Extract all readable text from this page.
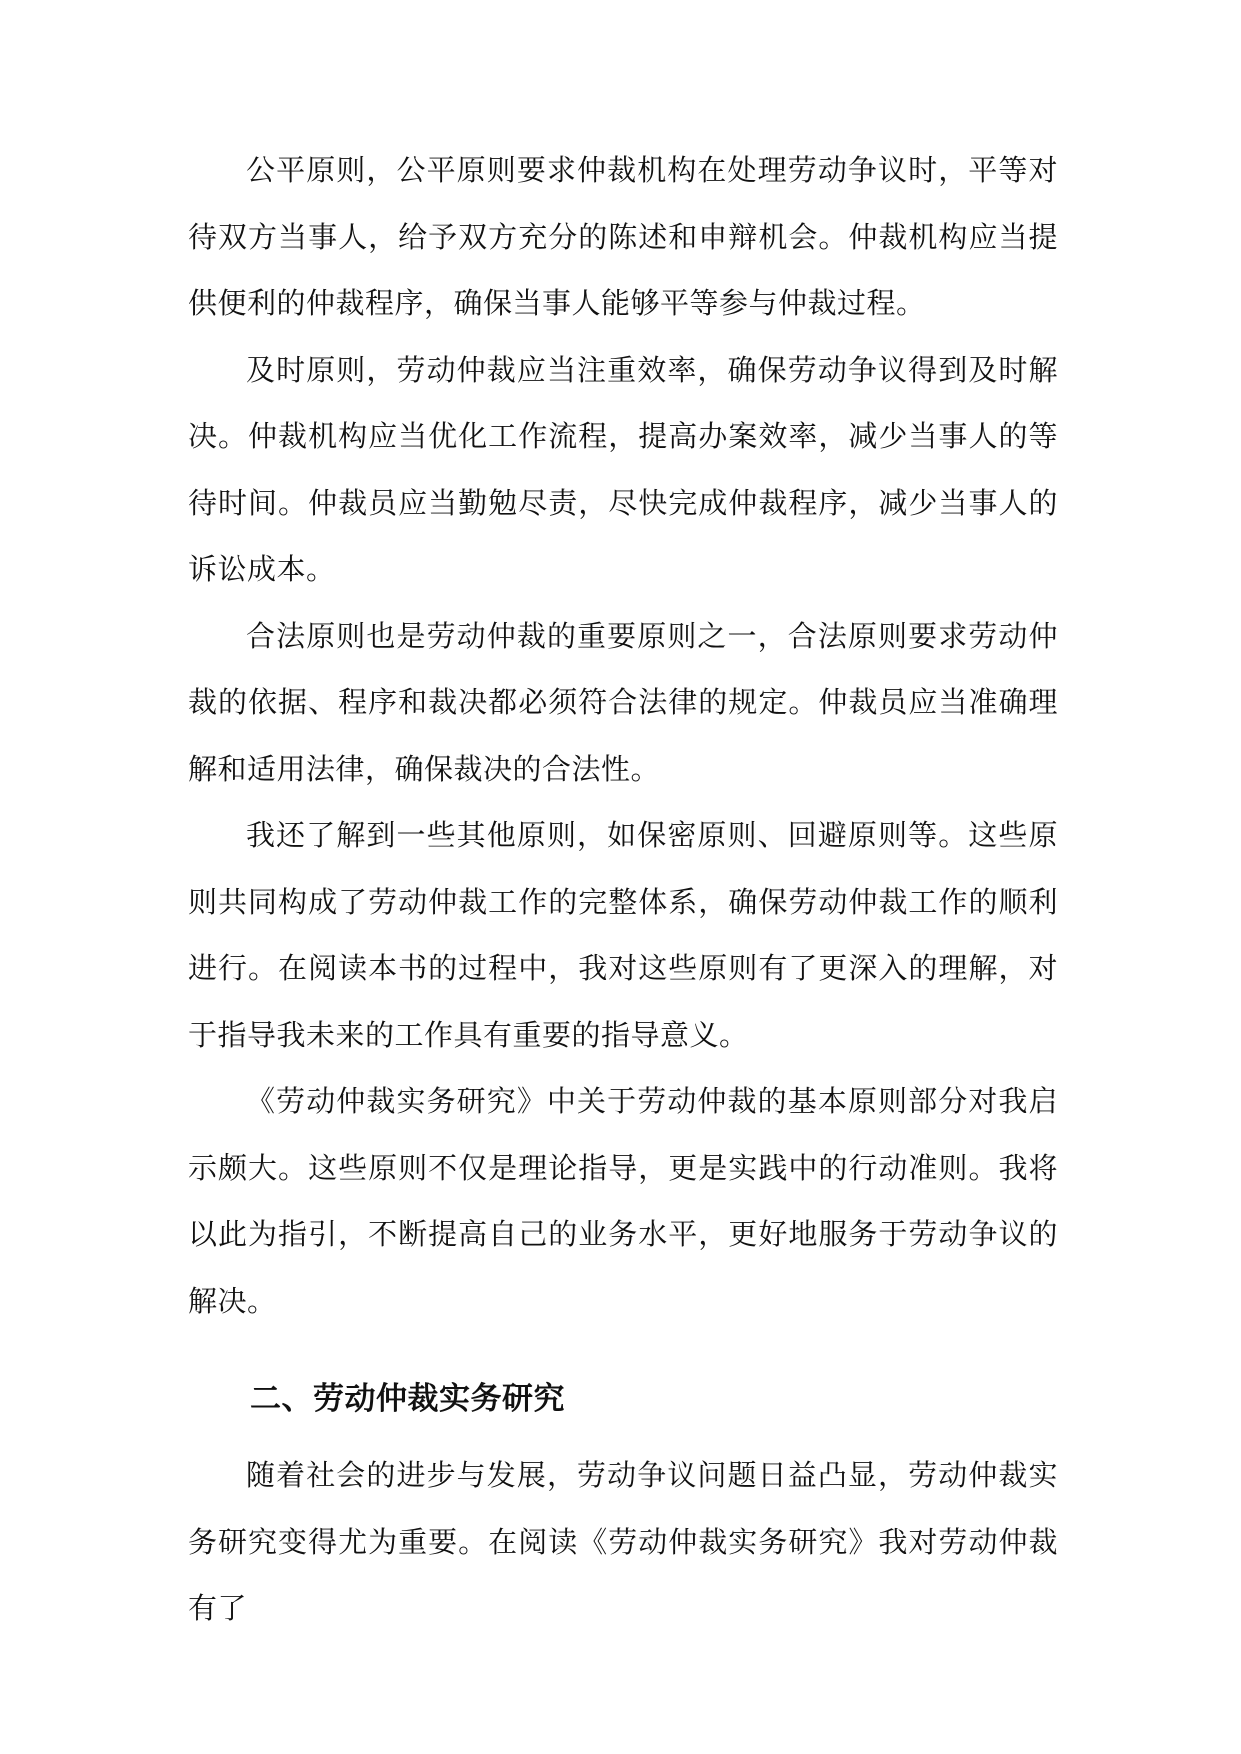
公平原则，公平原则要求仲裁机构在处理劳动争议时，平等对待双方当事人，给予双方充分的陈述和申辩机会。仲裁机构应当提供便利的仲裁程序，确保当事人能够平等参与仲裁过程。

及时原则，劳动仲裁应当注重效率，确保劳动争议得到及时解决。仲裁机构应当优化工作流程，提高办案效率，减少当事人的等待时间。仲裁员应当勤勉尽责，尽快完成仲裁程序，减少当事人的诉讼成本。

合法原则也是劳动仲裁的重要原则之一，合法原则要求劳动仲裁的依据、程序和裁决都必须符合法律的规定。仲裁员应当准确理解和适用法律，确保裁决的合法性。

我还了解到一些其他原则，如保密原则、回避原则等。这些原则共同构成了劳动仲裁工作的完整体系，确保劳动仲裁工作的顺利进行。在阅读本书的过程中，我对这些原则有了更深入的理解，对于指导我未来的工作具有重要的指导意义。

《劳动仲裁实务研究》中关于劳动仲裁的基本原则部分对我启示颇大。这些原则不仅是理论指导，更是实践中的行动准则。我将以此为指引，不断提高自己的业务水平，更好地服务于劳动争议的解决。

二、劳动仲裁实务研究

随着社会的进步与发展，劳动争议问题日益凸显，劳动仲裁实务研究变得尤为重要。在阅读《劳动仲裁实务研究》我对劳动仲裁有了
